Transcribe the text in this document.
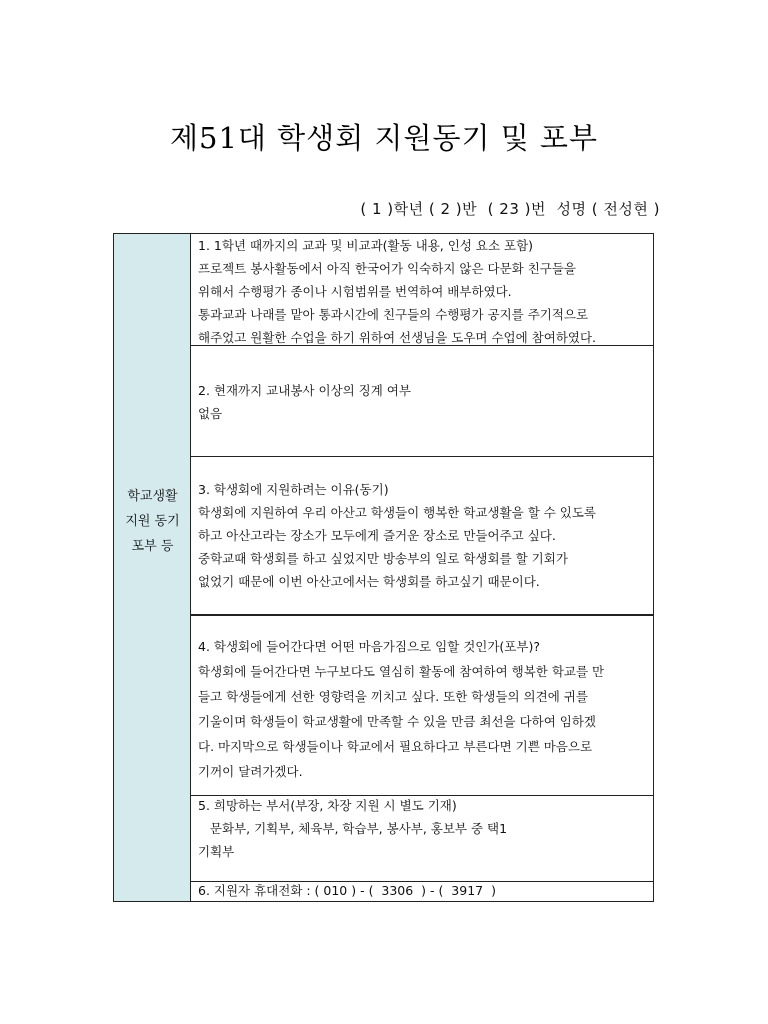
제51대 학생회 지원동기 및 포부
( 1 )학년 ( 2 )반  ( 23 )번  성명 ( 전성현 )
학교생활
지원 동기
포부 등

1. 1학년 때까지의 교과 및 비교과(활동 내용, 인성 요소 포함)

프로젝트 봉사활동에서 아직 한국어가 익숙하지 않은 다문화 친구들을

위해서 수행평가 종이나 시험범위를 번역하여 배부하였다.

통과교과 나래를 맡아 통과시간에 친구들의 수행평가 공지를 주기적으로

해주었고 원활한 수업을 하기 위하여 선생님을 도우며 수업에 참여하였다.

2. 현재까지 교내봉사 이상의 징계 여부

없음

3. 학생회에 지원하려는 이유(동기)

학생회에 지원하여 우리 아산고 학생들이 행복한 학교생활을 할 수 있도록

하고 아산고라는 장소가 모두에게 즐거운 장소로 만들어주고 싶다.

중학교때 학생회를 하고 싶었지만 방송부의 일로 학생회를 할 기회가

없었기 때문에 이번 아산고에서는 학생회를 하고싶기 때문이다.

4. 학생회에 들어간다면 어떤 마음가짐으로 임할 것인가(포부)?

학생회에 들어간다면 누구보다도 열심히 활동에 참여하여 행복한 학교를 만

들고 학생들에게 선한 영향력을 끼치고 싶다. 또한 학생들의 의견에 귀를

기울이며 학생들이 학교생활에 만족할 수 있을 만큼 최선을 다하여 임하겠

다. 마지막으로 학생들이나 학교에서 필요하다고 부른다면 기쁜 마음으로

기꺼이 달려가겠다.

5. 희망하는 부서(부장, 차장 지원 시 별도 기재)

문화부, 기획부, 체육부, 학습부, 봉사부, 홍보부 중 택1

기획부

6. 지원자 휴대전화 : ( 010 ) - (  3306  ) - (  3917  )
